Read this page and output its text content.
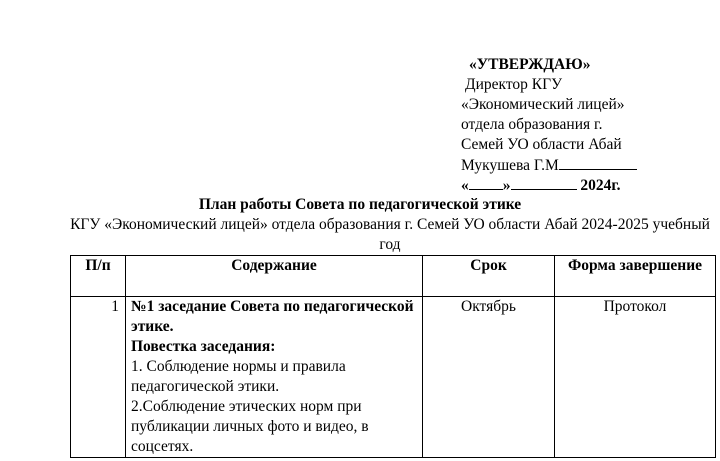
«УТВЕРЖДАЮ»
Директор КГУ
«Экономический лицей»
отдела образования г.
Семей УО области Абай
Мукушева Г.М
« »	2024г.
План работы Совета по педагогической этике
КГУ «Экономический лицей» отдела образования г. Семей УО области Абай 2024-2025 учебный год
П/п	Содержание	Срок	Форма завершение
1	№1 заседание Совета по педагогической этике.
Повестка заседания:
1. Соблюдение нормы и правила педагогической этики.
2.Соблюдение этических норм при публикации личных фото и видео, в соцсетях.	Октябрь	Протокол
